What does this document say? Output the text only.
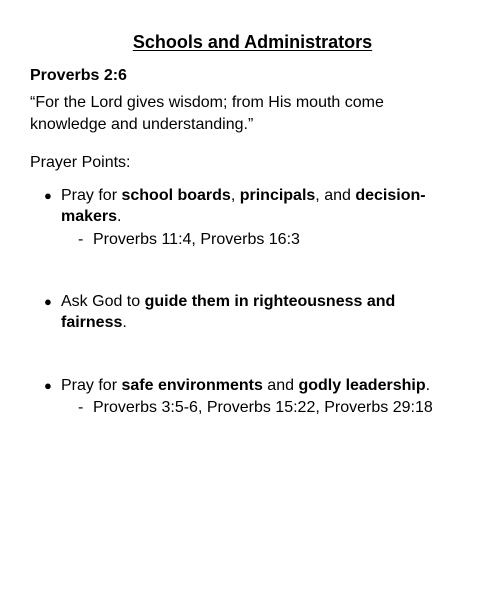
Schools and Administrators

Proverbs 2:6

“For the Lord gives wisdom; from His mouth come knowledge and understanding.”

Prayer Points:

● Pray for school boards, principals, and decision-makers.
- Proverbs 11:4, Proverbs 16:3
● Ask God to guide them in righteousness and fairness.
● Pray for safe environments and godly leadership.
- Proverbs 3:5-6, Proverbs 15:22, Proverbs 29:18
